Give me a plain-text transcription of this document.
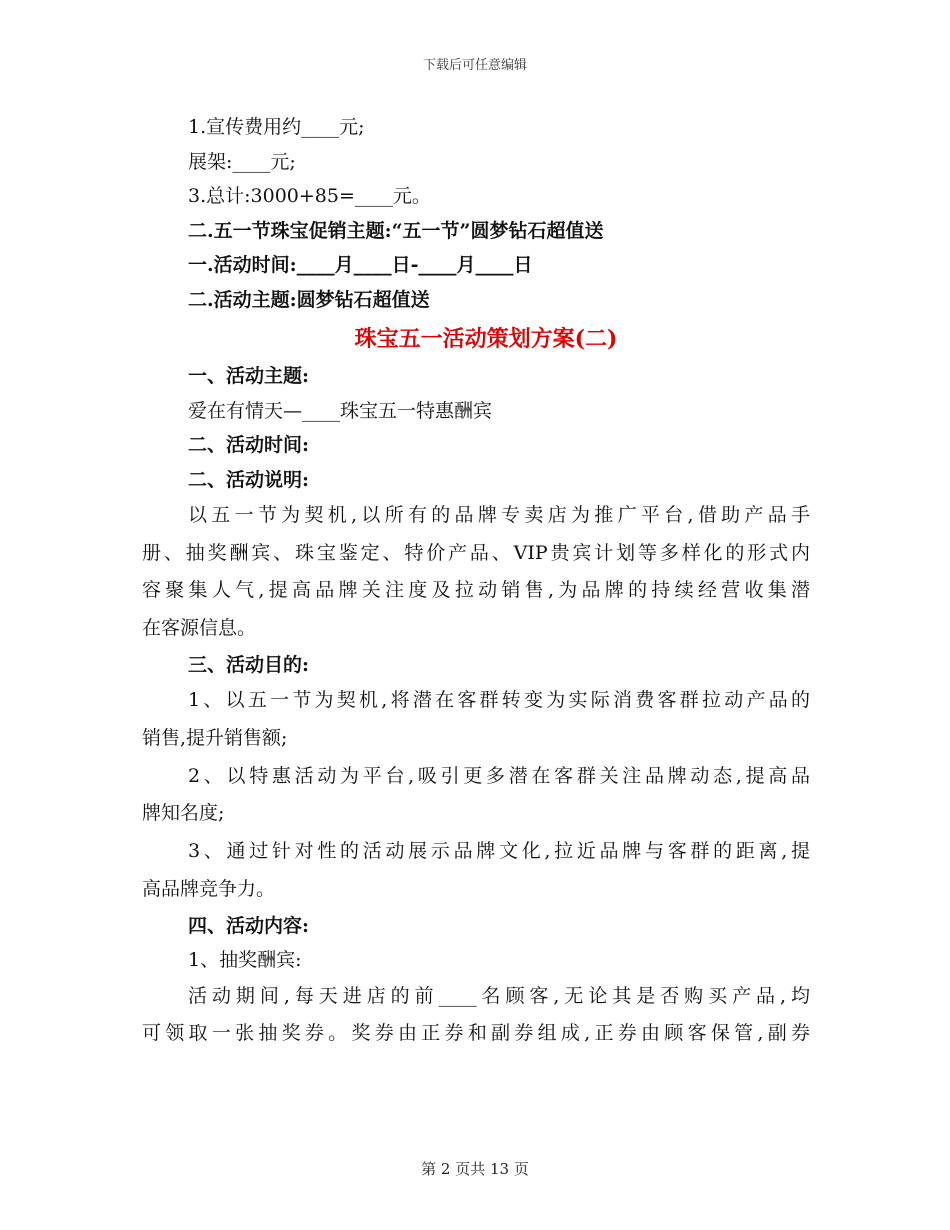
下载后可任意编辑
1.宣传费用约____元;
展架:____元;
3.总计:3000+85=____元。
二.五一节珠宝促销主题:“五一节”圆梦钻石超值送
一.活动时间:____月____日-____月____日
二.活动主题:圆梦钻石超值送
珠宝五一活动策划方案(二)
一、活动主题:
爱在有情天—____珠宝五一特惠酬宾
二、活动时间:
二、活动说明:
以五一节为契机,以所有的品牌专卖店为推广平台,借助产品手
册、抽奖酬宾、珠宝鉴定、特价产品、VIP贵宾计划等多样化的形式内
容聚集人气,提高品牌关注度及拉动销售,为品牌的持续经营收集潜
在客源信息。
三、活动目的:
1、以五一节为契机,将潜在客群转变为实际消费客群拉动产品的
销售,提升销售额;
2、以特惠活动为平台,吸引更多潜在客群关注品牌动态,提高品
牌知名度;
3、通过针对性的活动展示品牌文化,拉近品牌与客群的距离,提
高品牌竞争力。
四、活动内容:
1、抽奖酬宾:
活动期间,每天进店的前____名顾客,无论其是否购买产品,均
可领取一张抽奖券。奖券由正券和副券组成,正券由顾客保管,副券
第 2 页共 13 页
